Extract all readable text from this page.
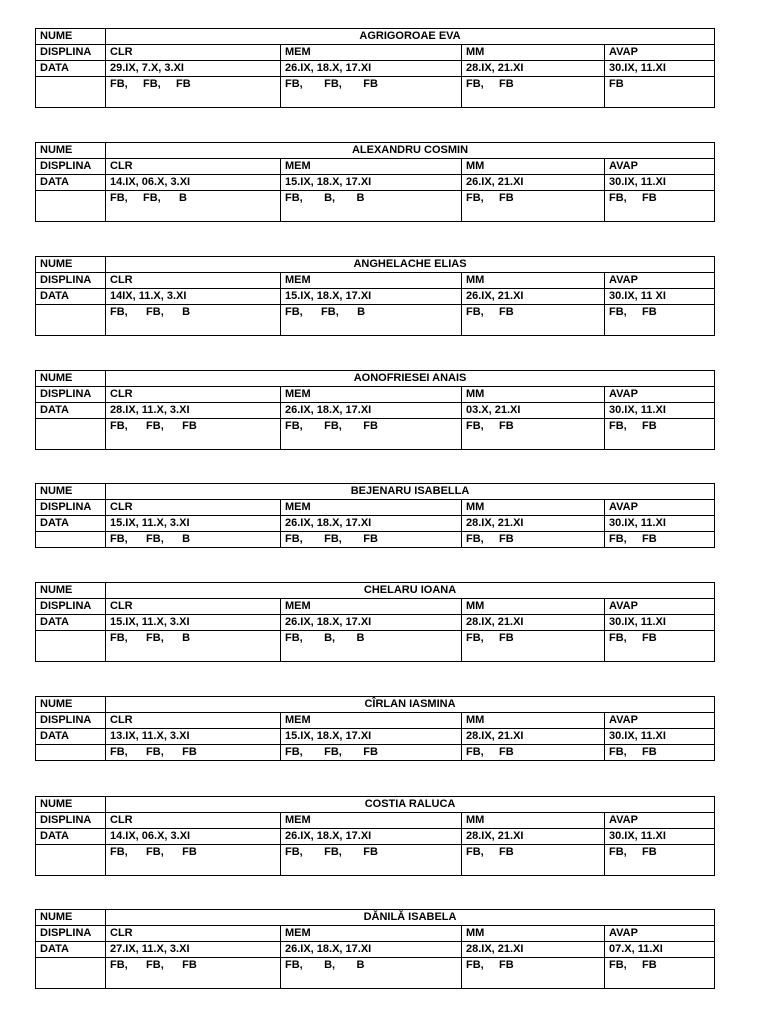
NUME	AGRIGOROAE EVA			
DISPLINA	CLR	MEM	MM	AVAP
DATA	29.IX, 7.X, 3.XI	26.IX, 18.X, 17.XI	28.IX, 21.XI	30.IX, 11.XI
	FB,     FB,     FB	FB,       FB,       FB	FB,     FB	FB
NUME	ALEXANDRU COSMIN			
DISPLINA	CLR	MEM	MM	AVAP
DATA	14.IX, 06.X, 3.XI	15.IX, 18.X, 17.XI	26.IX, 21.XI	30.IX, 11.XI
	FB,     FB,      B	FB,       B,       B	FB,     FB	FB,     FB
NUME	ANGHELACHE ELIAS			
DISPLINA	CLR	MEM	MM	AVAP
DATA	14IX, 11.X, 3.XI	15.IX, 18.X, 17.XI	26.IX, 21.XI	30.IX, 11 XI
	FB,      FB,      B	FB,      FB,      B	FB,     FB	FB,     FB
NUME	AONOFRIESEI ANAIS			
DISPLINA	CLR	MEM	MM	AVAP
DATA	28.IX, 11.X, 3.XI	26.IX, 18.X, 17.XI	03.X, 21.XI	30.IX, 11.XI
	FB,      FB,      FB	FB,       FB,       FB	FB,     FB	FB,     FB
NUME	BEJENARU ISABELLA			
DISPLINA	CLR	MEM	MM	AVAP
DATA	15.IX, 11.X, 3.XI	26.IX, 18.X, 17.XI	28.IX, 21.XI	30.IX, 11.XI
	FB,      FB,      B	FB,       FB,       FB	FB,     FB	FB,     FB
NUME	CHELARU IOANA			
DISPLINA	CLR	MEM	MM	AVAP
DATA	15.IX, 11.X, 3.XI	26.IX, 18.X, 17.XI	28.IX, 21.XI	30.IX, 11.XI
	FB,      FB,      B	FB,       B,       B	FB,     FB	FB,     FB
NUME	CÎRLAN IASMINA			
DISPLINA	CLR	MEM	MM	AVAP
DATA	13.IX, 11.X, 3.XI	15.IX, 18.X, 17.XI	28.IX, 21.XI	30.IX, 11.XI
	FB,      FB,      FB	FB,       FB,       FB	FB,     FB	FB,     FB
NUME	COSTIA RALUCA			
DISPLINA	CLR	MEM	MM	AVAP
DATA	14.IX, 06.X, 3.XI	26.IX, 18.X, 17.XI	28.IX, 21.XI	30.IX, 11.XI
	FB,      FB,      FB	FB,       FB,       FB	FB,     FB	FB,     FB
NUME	DĂNILĂ ISABELA			
DISPLINA	CLR	MEM	MM	AVAP
DATA	27.IX, 11.X, 3.XI	26.IX, 18.X, 17.XI	28.IX, 21.XI	07.X, 11.XI
	FB,      FB,      FB	FB,       B,       B	FB,     FB	FB,     FB
